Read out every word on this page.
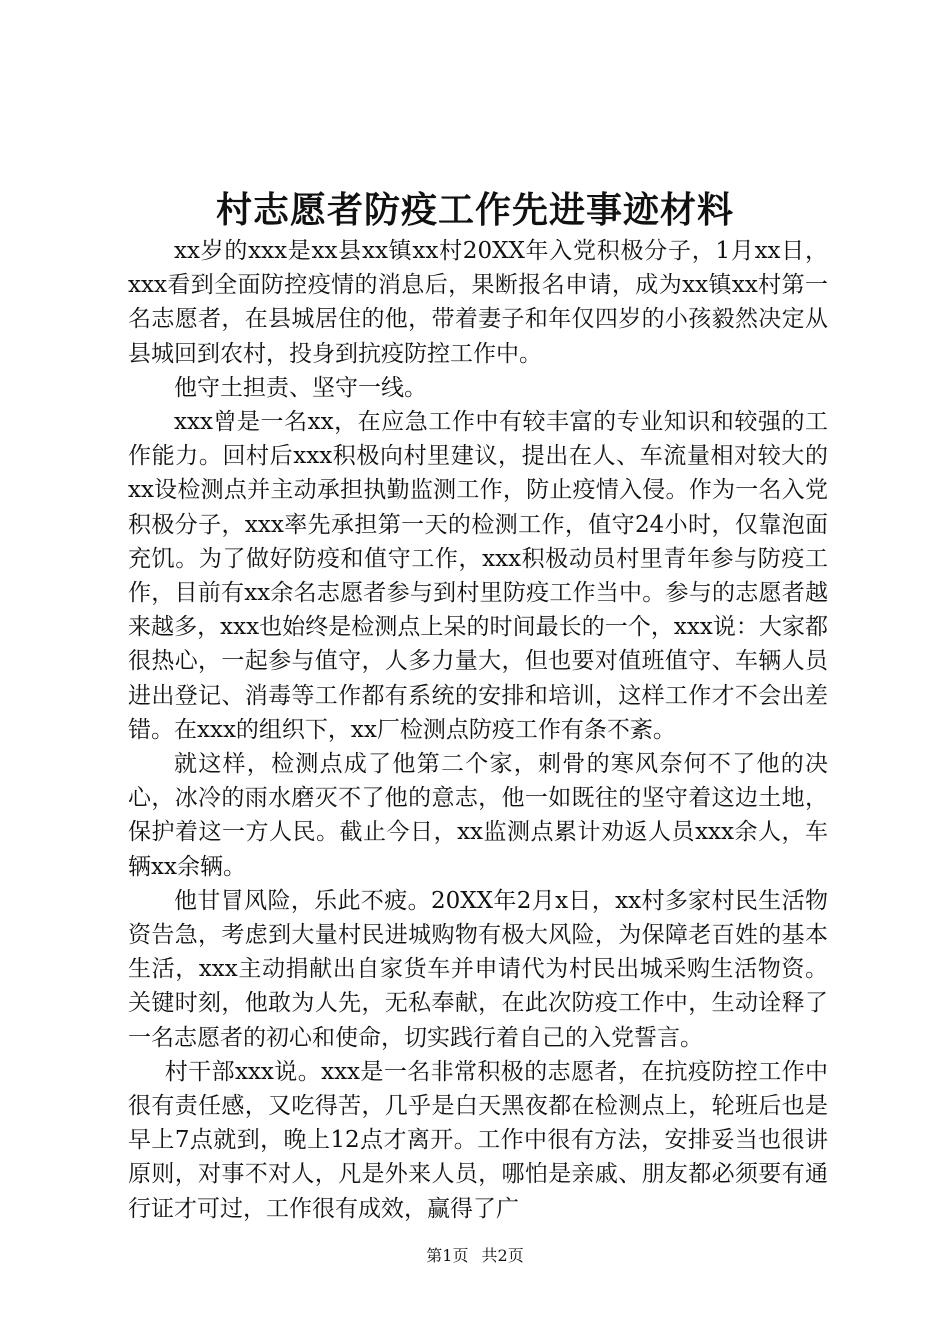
村志愿者防疫工作先进事迹材料

xx岁的xxx是xx县xx镇xx村20XX年入党积极分子，1月xx日，xxx看到全面防控疫情的消息后，果断报名申请，成为xx镇xx村第一名志愿者，在县城居住的他，带着妻子和年仅四岁的小孩毅然决定从县城回到农村，投身到抗疫防控工作中。

他守土担责、坚守一线。

xxx曾是一名xx，在应急工作中有较丰富的专业知识和较强的工作能力。回村后xxx积极向村里建议，提出在人、车流量相对较大的xx设检测点并主动承担执勤监测工作，防止疫情入侵。作为一名入党积极分子，xxx率先承担第一天的检测工作，值守24小时，仅靠泡面充饥。为了做好防疫和值守工作，xxx积极动员村里青年参与防疫工作，目前有xx余名志愿者参与到村里防疫工作当中。参与的志愿者越来越多，xxx也始终是检测点上呆的时间最长的一个，xxx说：大家都很热心，一起参与值守，人多力量大，但也要对值班值守、车辆人员进出登记、消毒等工作都有系统的安排和培训，这样工作才不会出差错。在xxx的组织下，xx厂检测点防疫工作有条不紊。

就这样，检测点成了他第二个家，刺骨的寒风奈何不了他的决心，冰冷的雨水磨灭不了他的意志，他一如既往的坚守着这边土地，保护着这一方人民。截止今日，xx监测点累计劝返人员xxx余人，车辆xx余辆。

他甘冒风险，乐此不疲。20XX年2月x日，xx村多家村民生活物资告急，考虑到大量村民进城购物有极大风险，为保障老百姓的基本生活，xxx主动捐献出自家货车并申请代为村民出城采购生活物资。关键时刻，他敢为人先，无私奉献，在此次防疫工作中，生动诠释了一名志愿者的初心和使命，切实践行着自己的入党誓言。

村干部xxx说。xxx是一名非常积极的志愿者，在抗疫防控工作中很有责任感，又吃得苦，几乎是白天黑夜都在检测点上，轮班后也是早上7点就到，晚上12点才离开。工作中很有方法，安排妥当也很讲原则，对事不对人，凡是外来人员，哪怕是亲戚、朋友都必须要有通行证才可过，工作很有成效，赢得了广

第1页 共2页
